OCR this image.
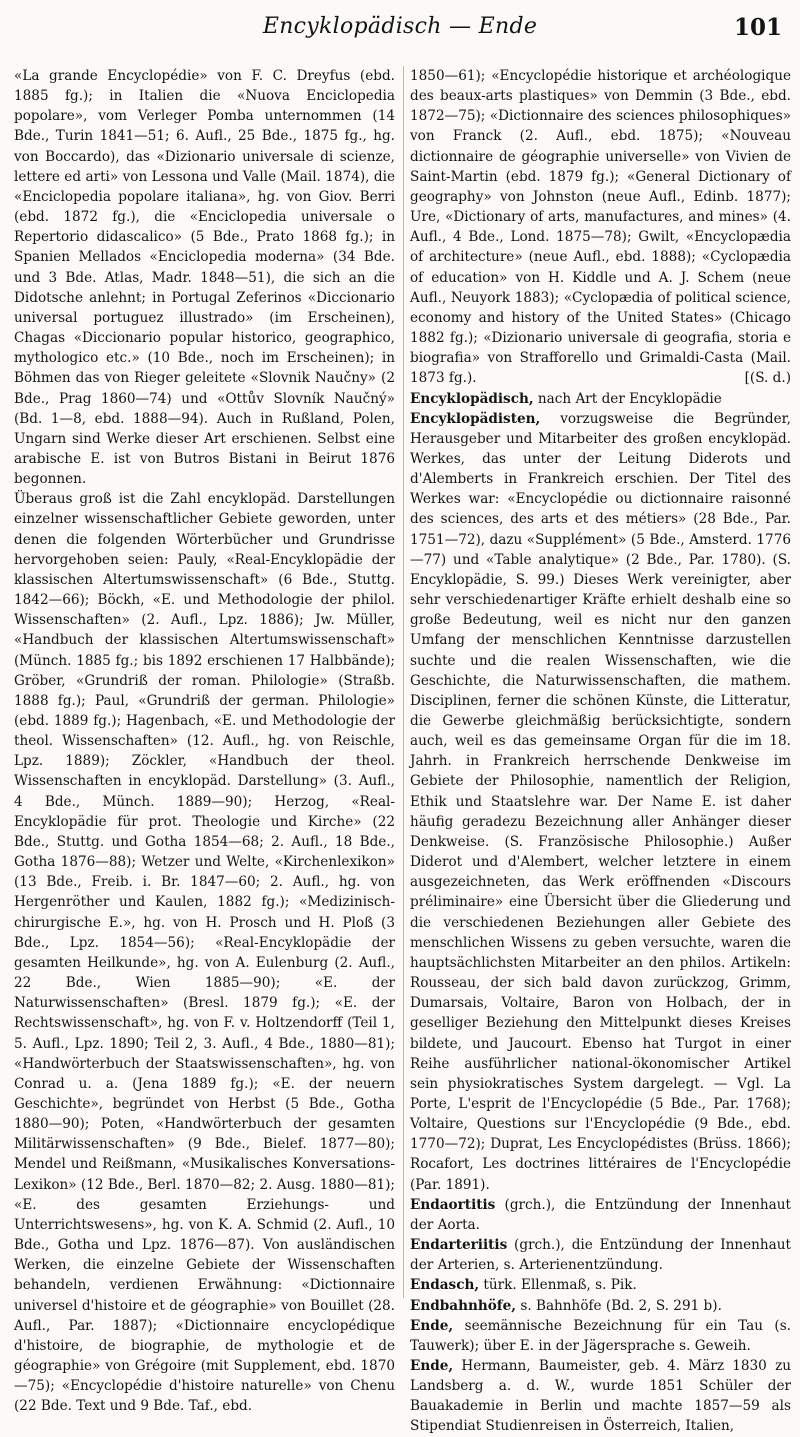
Encyklopädisch — Ende	101

«La grande Encyclopédie» von F. C. Dreyfus (ebd. 1885 fg.); in Italien die «Nuova Enciclopedia popolare», vom Verleger Pomba unternommen (14 Bde., Turin 1841—51; 6. Aufl., 25 Bde., 1875 fg., hg. von Boccardo), das «Dizionario universale di scienze, lettere ed arti» von Lessona und Valle (Mail. 1874), die «Enciclopedia popolare italiana», hg. von Giov. Berri (ebd. 1872 fg.), die «Enciclopedia universale o Repertorio didascalico» (5 Bde., Prato 1868 fg.); in Spanien Mellados «Enciclopedia moderna» (34 Bde. und 3 Bde. Atlas, Madr. 1848—51), die sich an die Didotsche anlehnt; in Portugal Zeferinos «Diccionario universal portuguez illustrado» (im Erscheinen), Chagas «Diccionario popular historico, geographico, mythologico etc.» (10 Bde., noch im Erscheinen); in Böhmen das von Rieger geleitete «Slovnik Naučny» (2 Bde., Prag 1860—74) und «Ottův Slovník Naučný» (Bd. 1—8, ebd. 1888—94). Auch in Rußland, Polen, Ungarn sind Werke dieser Art erschienen. Selbst eine arabische E. ist von Butros Bistani in Beirut 1876 begonnen.

Überaus groß ist die Zahl encyklopäd. Darstellungen einzelner wissenschaftlicher Gebiete geworden, unter denen die folgenden Wörterbücher und Grundrisse hervorgehoben seien: Pauly, «Real-Encyklopädie der klassischen Altertumswissenschaft» (6 Bde., Stuttg. 1842—66); Böckh, «E. und Methodologie der philol. Wissenschaften» (2. Aufl., Lpz. 1886); Jw. Müller, «Handbuch der klassischen Altertumswissenschaft» (Münch. 1885 fg.; bis 1892 erschienen 17 Halbbände); Gröber, «Grundriß der roman. Philologie» (Straßb. 1888 fg.); Paul, «Grundriß der german. Philologie» (ebd. 1889 fg.); Hagenbach, «E. und Methodologie der theol. Wissenschaften» (12. Aufl., hg. von Reischle, Lpz. 1889); Zöckler, «Handbuch der theol. Wissenschaften in encyklopäd. Darstellung» (3. Aufl., 4 Bde., Münch. 1889—90); Herzog, «Real-Encyklopädie für prot. Theologie und Kirche» (22 Bde., Stuttg. und Gotha 1854—68; 2. Aufl., 18 Bde., Gotha 1876—88); Wetzer und Welte, «Kirchenlexikon» (13 Bde., Freib. i. Br. 1847—60; 2. Aufl., hg. von Hergenröther und Kaulen, 1882 fg.); «Medizinisch-chirurgische E.», hg. von H. Prosch und H. Ploß (3 Bde., Lpz. 1854—56); «Real-Encyklopädie der gesamten Heilkunde», hg. von A. Eulenburg (2. Aufl., 22 Bde., Wien 1885—90); «E. der Naturwissenschaften» (Bresl. 1879 fg.); «E. der Rechtswissenschaft», hg. von F. v. Holtzendorff (Teil 1, 5. Aufl., Lpz. 1890; Teil 2, 3. Aufl., 4 Bde., 1880—81); «Handwörterbuch der Staatswissenschaften», hg. von Conrad u. a. (Jena 1889 fg.); «E. der neuern Geschichte», begründet von Herbst (5 Bde., Gotha 1880—90); Poten, «Handwörterbuch der gesamten Militärwissenschaften» (9 Bde., Bielef. 1877—80); Mendel und Reißmann, «Musikalisches Konversations-Lexikon» (12 Bde., Berl. 1870—82; 2. Ausg. 1880—81); «E. des gesamten Erziehungs- und Unterrichtswesens», hg. von K. A. Schmid (2. Aufl., 10 Bde., Gotha und Lpz. 1876—87). Von ausländischen Werken, die einzelne Gebiete der Wissenschaften behandeln, verdienen Erwähnung: «Dictionnaire universel d'histoire et de géographie» von Bouillet (28. Aufl., Par. 1887); «Dictionnaire encyclopédique d'histoire, de biographie, de mythologie et de géographie» von Grégoire (mit Supplement, ebd. 1870—75); «Encyclopédie d'histoire naturelle» von Chenu (22 Bde. Text und 9 Bde. Taf., ebd.

1850—61); «Encyclopédie historique et archéologique des beaux-arts plastiques» von Demmin (3 Bde., ebd. 1872—75); «Dictionnaire des sciences philosophiques» von Franck (2. Aufl., ebd. 1875); «Nouveau dictionnaire de géographie universelle» von Vivien de Saint-Martin (ebd. 1879 fg.); «General Dictionary of geography» von Johnston (neue Aufl., Edinb. 1877); Ure, «Dictionary of arts, manufactures, and mines» (4. Aufl., 4 Bde., Lond. 1875—78); Gwilt, «Encyclopædia of architecture» (neue Aufl., ebd. 1888); «Cyclopædia of education» von H. Kiddle und A. J. Schem (neue Aufl., Neuyork 1883); «Cyclopædia of political science, economy and history of the United States» (Chicago 1882 fg.); «Dizionario universale di geografia, storia e biografia» von Strafforello und Grimaldi-Casta (Mail. 1873 fg.).	[(S. d.)

Encyklopädisch, nach Art der Encyklopädie

Encyklopädisten, vorzugsweise die Begründer, Herausgeber und Mitarbeiter des großen encyklopäd. Werkes, das unter der Leitung Diderots und d'Alemberts in Frankreich erschien. Der Titel des Werkes war: «Encyclopédie ou dictionnaire raisonné des sciences, des arts et des métiers» (28 Bde., Par. 1751—72), dazu «Supplément» (5 Bde., Amsterd. 1776—77) und «Table analytique» (2 Bde., Par. 1780). (S. Encyklopädie, S. 99.) Dieses Werk vereinigter, aber sehr verschiedenartiger Kräfte erhielt deshalb eine so große Bedeutung, weil es nicht nur den ganzen Umfang der menschlichen Kenntnisse darzustellen suchte und die realen Wissenschaften, wie die Geschichte, die Naturwissenschaften, die mathem. Disciplinen, ferner die schönen Künste, die Litteratur, die Gewerbe gleichmäßig berücksichtigte, sondern auch, weil es das gemeinsame Organ für die im 18. Jahrh. in Frankreich herrschende Denkweise im Gebiete der Philosophie, namentlich der Religion, Ethik und Staatslehre war. Der Name E. ist daher häufig geradezu Bezeichnung aller Anhänger dieser Denkweise. (S. Französische Philosophie.) Außer Diderot und d'Alembert, welcher letztere in einem ausgezeichneten, das Werk eröffnenden «Discours préliminaire» eine Übersicht über die Gliederung und die verschiedenen Beziehungen aller Gebiete des menschlichen Wissens zu geben versuchte, waren die hauptsächlichsten Mitarbeiter an den philos. Artikeln: Rousseau, der sich bald davon zurückzog, Grimm, Dumarsais, Voltaire, Baron von Holbach, der in geselliger Beziehung den Mittelpunkt dieses Kreises bildete, und Jaucourt. Ebenso hat Turgot in einer Reihe ausführlicher national-ökonomischer Artikel sein physiokratisches System dargelegt. — Vgl. La Porte, L'esprit de l'Encyclopédie (5 Bde., Par. 1768); Voltaire, Questions sur l'Encyclopédie (9 Bde., ebd. 1770—72); Duprat, Les Encyclopédistes (Brüss. 1866); Rocafort, Les doctrines littéraires de l'Encyclopédie (Par. 1891).

Endaortitis (grch.), die Entzündung der Innenhaut der Aorta.

Endarteriitis (grch.), die Entzündung der Innenhaut der Arterien, s. Arterienentzündung.

Endasch, türk. Ellenmaß, s. Pik.

Endbahnhöfe, s. Bahnhöfe (Bd. 2, S. 291 b).

Ende, seemännische Bezeichnung für ein Tau (s. Tauwerk); über E. in der Jägersprache s. Geweih.

Ende, Hermann, Baumeister, geb. 4. März 1830 zu Landsberg a. d. W., wurde 1851 Schüler der Bauakademie in Berlin und machte 1857—59 als Stipendiat Studienreisen in Österreich, Italien,
